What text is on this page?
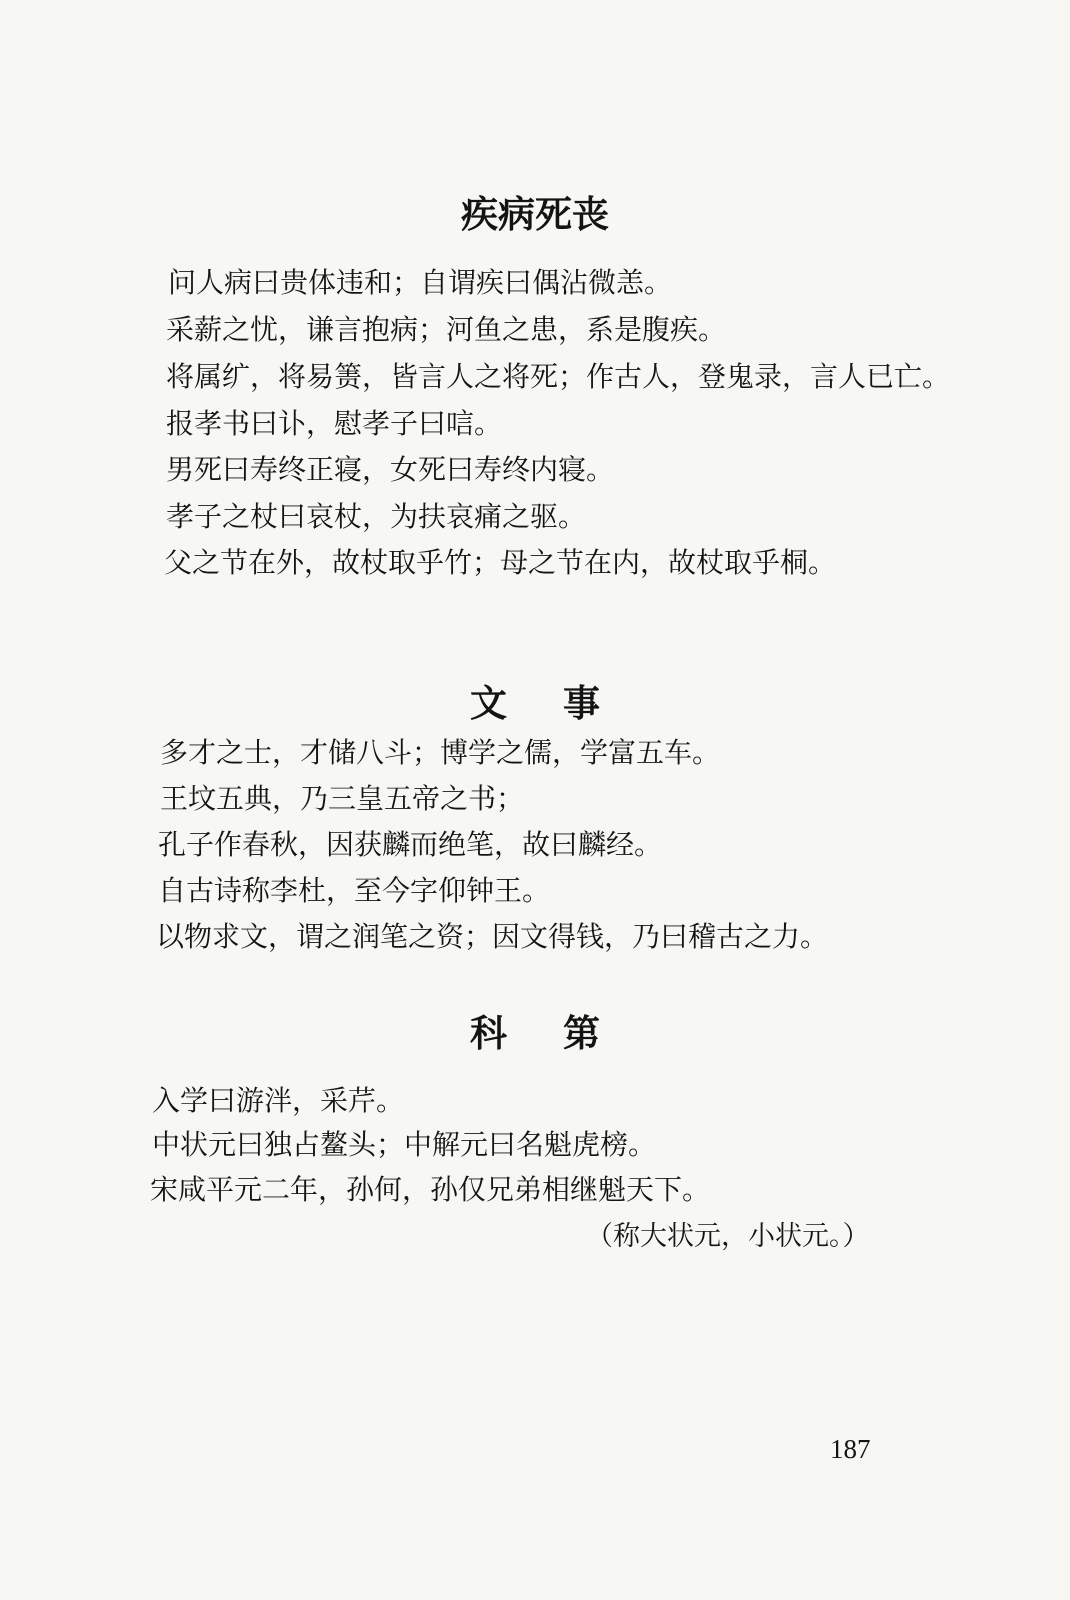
疾病死丧
问人病曰贵体违和；自谓疾曰偶沾微恙。
采薪之忧，谦言抱病；河鱼之患，系是腹疾。
将属纩，将易箦，皆言人之将死；作古人，登鬼录，言人已亡。
报孝书曰讣，慰孝子曰唁。
男死曰寿终正寝，女死曰寿终内寝。
孝子之杖曰哀杖，为扶哀痛之驱。
父之节在外，故杖取乎竹；母之节在内，故杖取乎桐。
文事
多才之士，才储八斗；博学之儒，学富五车。
王坟五典，乃三皇五帝之书；
孔子作春秋，因获麟而绝笔，故曰麟经。
自古诗称李杜，至今字仰钟王。
以物求文，谓之润笔之资；因文得钱，乃曰稽古之力。
科第
入学曰游泮，采芹。
中状元曰独占鳌头；中解元曰名魁虎榜。
宋咸平元二年，孙何，孙仅兄弟相继魁天下。
（称大状元，小状元。）
187
